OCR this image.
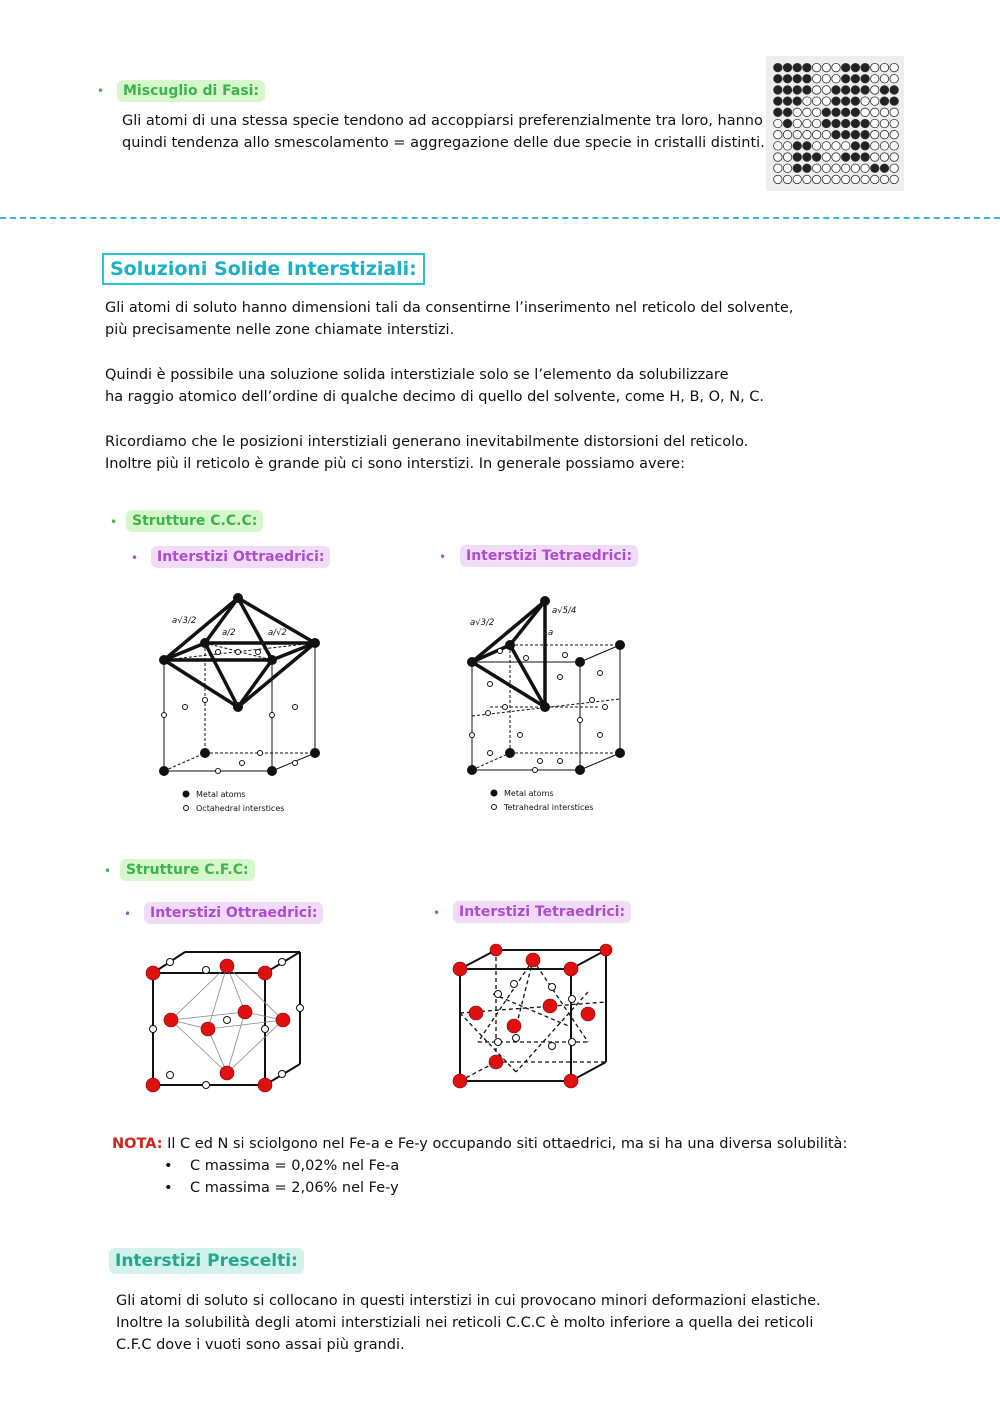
•	Miscuglio di Fasi:
Gli atomi di una stessa specie tendono ad accoppiarsi preferenzialmente tra loro, hanno
quindi tendenza allo smescolamento = aggregazione delle due specie in cristalli distinti.
Soluzioni Solide Interstiziali:
Gli atomi di soluto hanno dimensioni tali da consentirne l’inserimento nel reticolo del solvente,
più precisamente nelle zone chiamate interstizi.
Quindi è possibile una soluzione solida interstiziale solo se l’elemento da solubilizzare
ha raggio atomico dell’ordine di qualche decimo di quello del solvente, come H, B, O, N, C.
Ricordiamo che le posizioni interstiziali generano inevitabilmente distorsioni del reticolo.
Inoltre più il reticolo è grande più ci sono interstizi. In generale possiamo avere:
•	Strutture C.C.C:
•	Interstizi Ottraedrici:	•	Interstizi Tetraedrici:
a√3/2
a/2	a/√2
Metal atoms
Octahedral interstices
a√3/2
a√5/4
a
Metal atoms
Tetrahedral interstices
•	Strutture C.F.C:
•	Interstizi Ottraedrici:	•	Interstizi Tetraedrici:
NOTA: Il C ed N si sciolgono nel Fe-a e Fe-y occupando siti ottaedrici, ma si ha una diversa solubilità:
• C massima = 0,02% nel Fe-a
• C massima = 2,06% nel Fe-y
Interstizi Prescelti:
Gli atomi di soluto si collocano in questi interstizi in cui provocano minori deformazioni elastiche.
Inoltre la solubilità degli atomi interstiziali nei reticoli C.C.C è molto inferiore a quella dei reticoli
C.F.C dove i vuoti sono assai più grandi.
